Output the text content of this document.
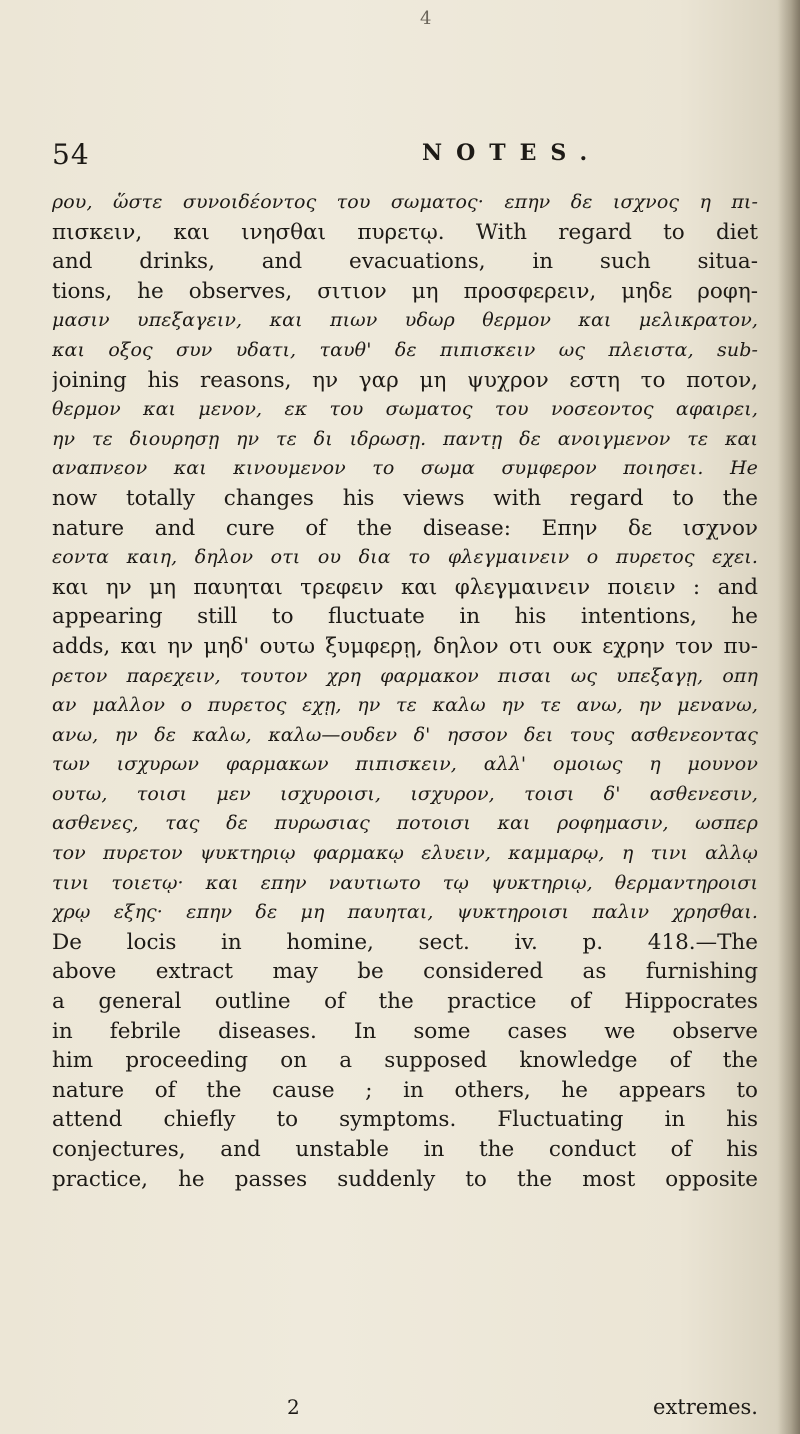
4
54	NOTES.
ρου, ὥστε συνοιδέοντος του σωματος· επην δε ισχνος η πι-
πισκειν, και ινησθαι πυρετῳ. With regard to diet
and drinks, and evacuations, in such situa-
tions, he observes, σιτιον μη προσφερειν, μηδε ροφη-
μασιν υπεξαγειν, και πιων υδωρ θερμον και μελικρατον,
και οξος συν υδατι, ταυθ' δε πιπισκειν ως πλειστα, sub-
joining his reasons, ην γαρ μη ψυχρον εστη το ποτον,
θερμον και μενον, εκ του σωματος του νοσεοντος αφαιρει,
ην τε διουρησῃ ην τε δι ιδρωσῃ. παντῃ δε ανοιγμενον τε και
αναπνεον και κινουμενον το σωμα συμφερον ποιησει. He
now totally changes his views with regard to the
nature and cure of the disease: Επην δε ισχνον
εοντα καιη, δηλον οτι ου δια το φλεγμαινειν ο πυρετος εχει.
και ην μη παυηται τρεφειν και φλεγμαινειν ποιειν : and
appearing still to fluctuate in his intentions, he
adds, και ην μηδ' ουτω ξυμφερῃ, δηλον οτι ουκ εχρην τον πυ-
ρετον παρεχειν, τουτον χρη φαρμακον πισαι ως υπεξαγῃ, οπη
αν μαλλον ο πυρετος εχῃ, ην τε καλω ην τε ανω, ην μενανω,
ανω, ην δε καλω, καλω—ουδεν δ' ησσον δει τους ασθενεοντας
των ισχυρων φαρμακων πιπισκειν, αλλ' ομοιως η μουνον
ουτω, τοισι μεν ισχυροισι, ισχυρον, τοισι δ' ασθενεσιν,
ασθενες, τας δε πυρωσιας ποτοισι και ροφημασιν, ωσπερ
τον πυρετον ψυκτηριῳ φαρμακῳ ελυειν, καμμαρῳ, η τινι αλλῳ
τινι τοιετῳ· και επην ναυτιωτο τῳ ψυκτηριῳ, θερμαντηροισι
χρῳ εξης· επην δε μη παυηται, ψυκτηροισι παλιν χρησθαι.
De locis in homine, sect. iv. p. 418.—The
above extract may be considered as furnishing
a general outline of the practice of Hippocrates
in febrile diseases. In some cases we observe
him proceeding on a supposed knowledge of the
nature of the cause ; in others, he appears to
attend chiefly to symptoms. Fluctuating in his
conjectures, and unstable in the conduct of his
practice, he passes suddenly to the most opposite
2	extremes.
